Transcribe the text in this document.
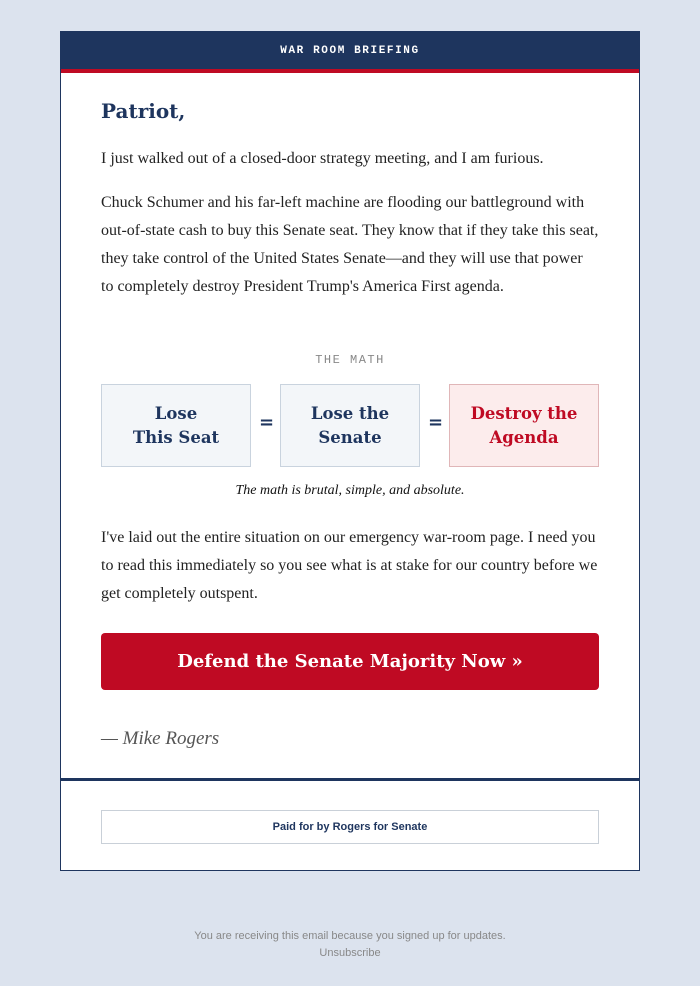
WAR ROOM BRIEFING
Patriot,

I just walked out of a closed-door strategy meeting, and I am furious.

Chuck Schumer and his far-left machine are flooding our battleground with out-of-state cash to buy this Senate seat. They know that if they take this seat, they take control of the United States Senate—and they will use that power to completely destroy President Trump's America First agenda.

THE MATH
Lose
This Seat
=	Lose the
Senate
=	Destroy the
Agenda
The math is brutal, simple, and absolute.

I've laid out the entire situation on our emergency war-room page. I need you to read this immediately so you see what is at stake for our country before we get completely outspent.

Defend the Senate Majority Now »

— Mike Rogers

Paid for by Rogers for Senate
You are receiving this email because you signed up for updates.
Unsubscribe
